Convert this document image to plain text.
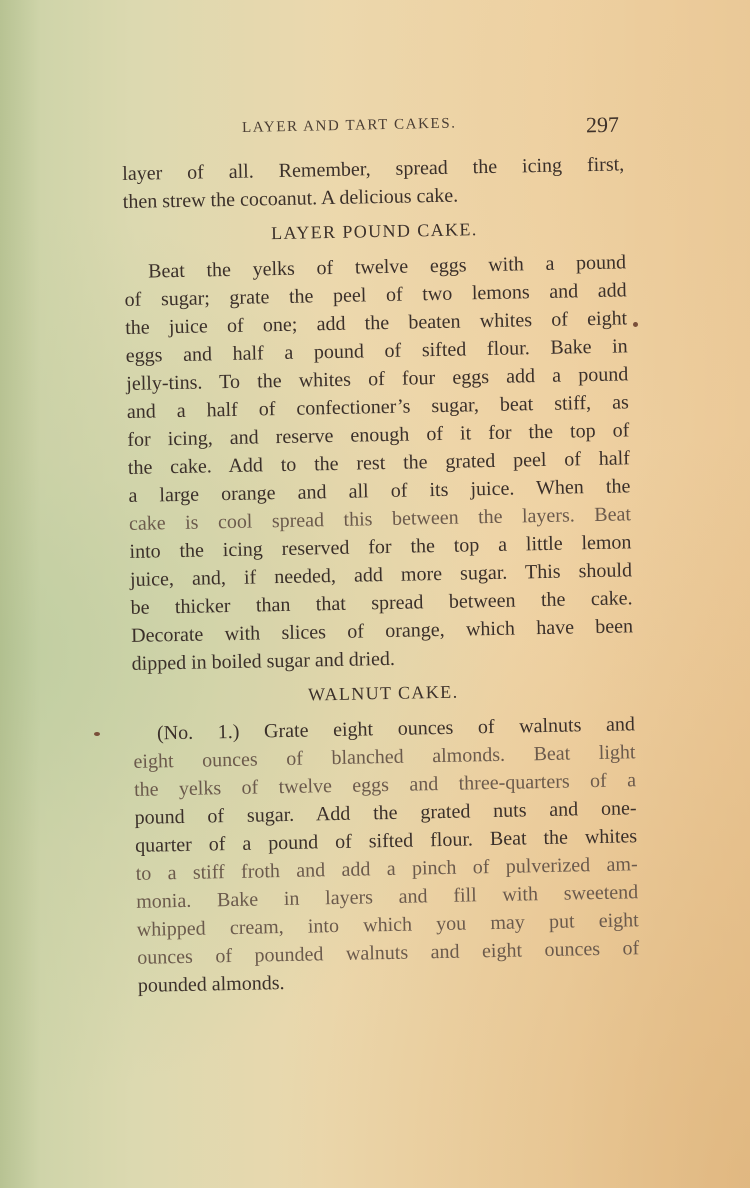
LAYER AND TART CAKES.	297
layer of all. Remember, spread the icing first,
then strew the cocoanut. A delicious cake.
LAYER POUND CAKE.
Beat the yelks of twelve eggs with a pound
of sugar; grate the peel of two lemons and add
the juice of one; add the beaten whites of eight
eggs and half a pound of sifted flour. Bake in
jelly-tins. To the whites of four eggs add a pound
and a half of confectioner’s sugar, beat stiff, as
for icing, and reserve enough of it for the top of
the cake. Add to the rest the grated peel of half
a large orange and all of its juice. When the
cake is cool spread this between the layers. Beat
into the icing reserved for the top a little lemon
juice, and, if needed, add more sugar. This should
be thicker than that spread between the cake.
Decorate with slices of orange, which have been
dipped in boiled sugar and dried.
WALNUT CAKE.
(No. 1.) Grate eight ounces of walnuts and
eight ounces of blanched almonds. Beat light
the yelks of twelve eggs and three-quarters of a
pound of sugar. Add the grated nuts and one-
quarter of a pound of sifted flour. Beat the whites
to a stiff froth and add a pinch of pulverized am-
monia. Bake in layers and fill with sweetend
whipped cream, into which you may put eight
ounces of pounded walnuts and eight ounces of
pounded almonds.
